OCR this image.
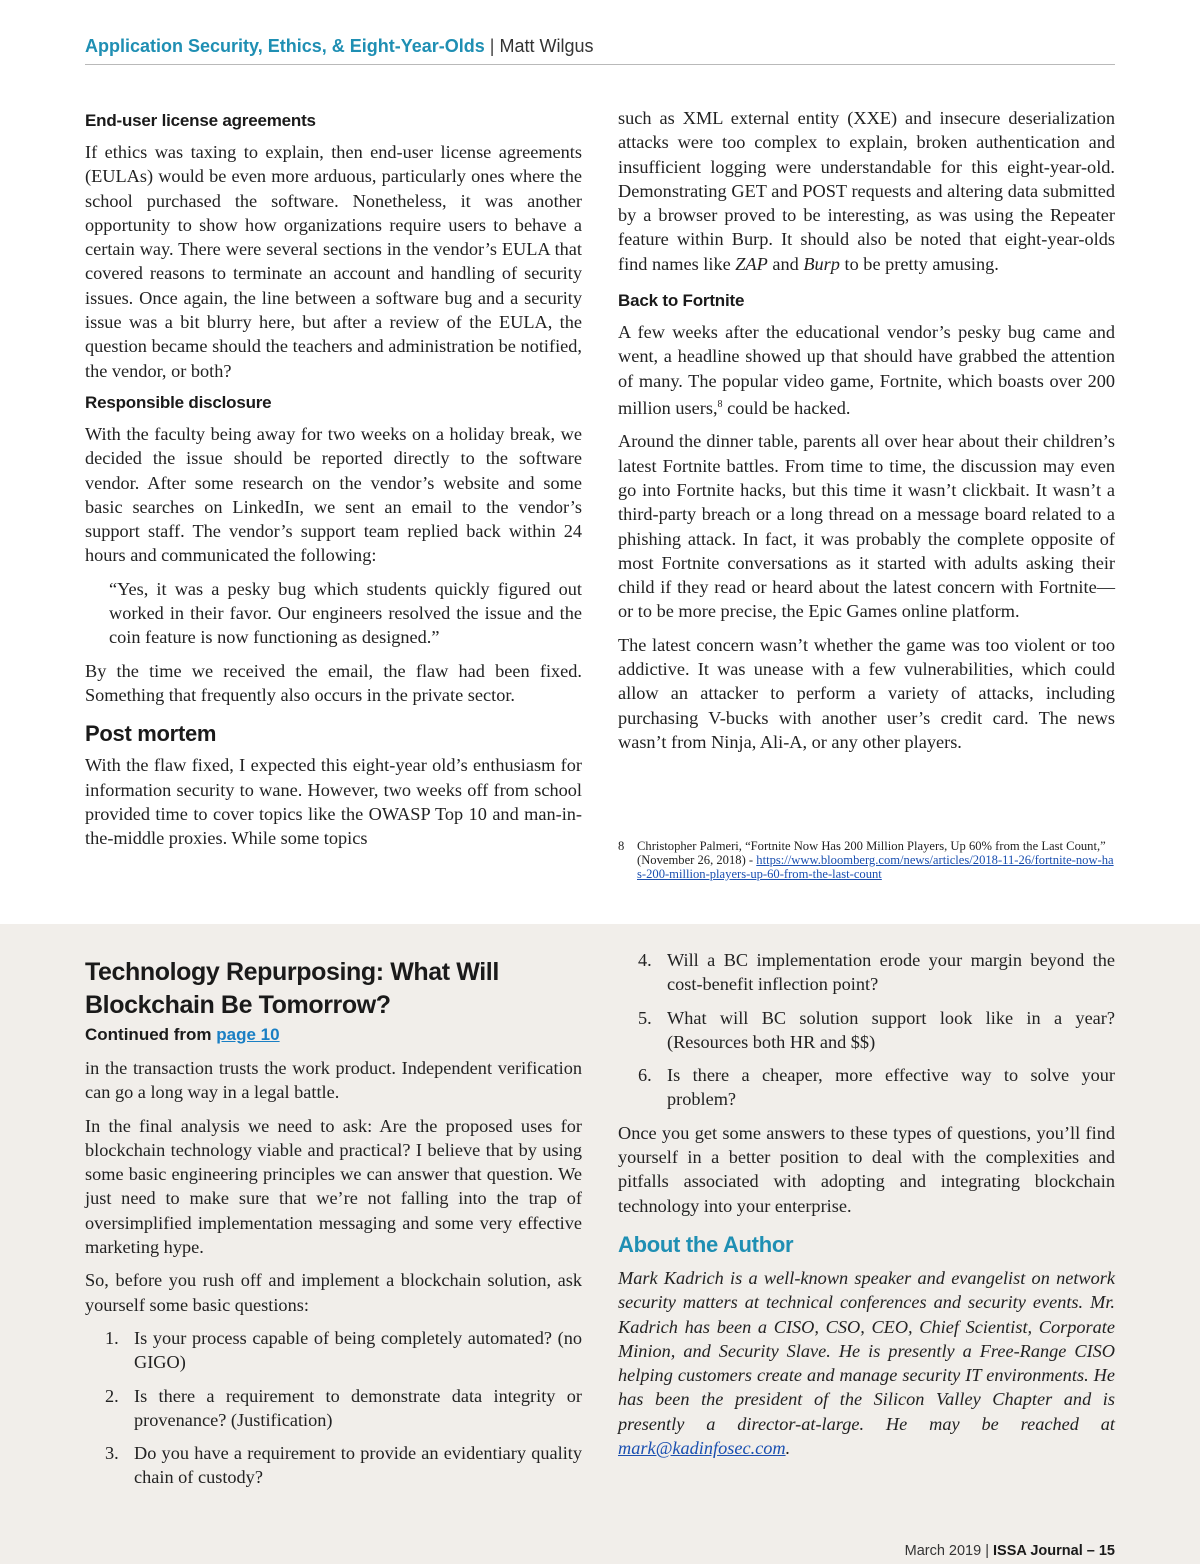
Application Security, Ethics, & Eight-Year-Olds | Matt Wilgus
End-user license agreements

If ethics was taxing to explain, then end-user license agreements (EULAs) would be even more arduous, particularly ones where the school purchased the software. Nonetheless, it was another opportunity to show how organizations require users to behave a certain way. There were several sections in the vendor’s EULA that covered reasons to terminate an account and handling of security issues. Once again, the line between a software bug and a security issue was a bit blurry here, but after a review of the EULA, the question became should the teachers and administration be notified, the vendor, or both?

Responsible disclosure

With the faculty being away for two weeks on a holiday break, we decided the issue should be reported directly to the software vendor. After some research on the vendor’s website and some basic searches on LinkedIn, we sent an email to the vendor’s support staff. The vendor’s support team replied back within 24 hours and communicated the following:

“Yes, it was a pesky bug which students quickly figured out worked in their favor. Our engineers resolved the issue and the coin feature is now functioning as designed.”

By the time we received the email, the flaw had been fixed. Something that frequently also occurs in the private sector.

Post mortem

With the flaw fixed, I expected this eight-year old’s enthusiasm for information security to wane. However, two weeks off from school provided time to cover topics like the OWASP Top 10 and man-in-the-middle proxies. While some topics

such as XML external entity (XXE) and insecure deserialization attacks were too complex to explain, broken authentication and insufficient logging were understandable for this eight-year-old. Demonstrating GET and POST requests and altering data submitted by a browser proved to be interesting, as was using the Repeater feature within Burp. It should also be noted that eight-year-olds find names like ZAP and Burp to be pretty amusing.

Back to Fortnite

A few weeks after the educational vendor’s pesky bug came and went, a headline showed up that should have grabbed the attention of many. The popular video game, Fortnite, which boasts over 200 million users,$^8$ could be hacked.

Around the dinner table, parents all over hear about their children’s latest Fortnite battles. From time to time, the discussion may even go into Fortnite hacks, but this time it wasn’t clickbait. It wasn’t a third-party breach or a long thread on a message board related to a phishing attack. In fact, it was probably the complete opposite of most Fortnite conversations as it started with adults asking their child if they read or heard about the latest concern with Fortnite—or to be more precise, the Epic Games online platform.

The latest concern wasn’t whether the game was too violent or too addictive. It was unease with a few vulnerabilities, which could allow an attacker to perform a variety of attacks, including purchasing V-bucks with another user’s credit card. The news wasn’t from Ninja, Ali-A, or any other players.

8 Christopher Palmeri, “Fortnite Now Has 200 Million Players, Up 60% from the Last Count,” (November 26, 2018) - https://www.bloomberg.com/news/articles/2018-11-26/fortnite-now-has-200-million-players-up-60-from-the-last-count
Technology Repurposing: What Will Blockchain Be Tomorrow?
Continued from page 10

in the transaction trusts the work product. Independent verification can go a long way in a legal battle.

In the final analysis we need to ask: Are the proposed uses for blockchain technology viable and practical? I believe that by using some basic engineering principles we can answer that question. We just need to make sure that we’re not falling into the trap of oversimplified implementation messaging and some very effective marketing hype.

So, before you rush off and implement a blockchain solution, ask yourself some basic questions:

1. Is your process capable of being completely automated? (no GIGO)
2. Is there a requirement to demonstrate data integrity or provenance? (Justification)
3. Do you have a requirement to provide an evidentiary quality chain of custody?
4. Will a BC implementation erode your margin beyond the cost-benefit inflection point?
5. What will BC solution support look like in a year? (Resources both HR and $$)
6. Is there a cheaper, more effective way to solve your problem?

Once you get some answers to these types of questions, you’ll find yourself in a better position to deal with the complexities and pitfalls associated with adopting and integrating blockchain technology into your enterprise.

About the Author

Mark Kadrich is a well-known speaker and evangelist on network security matters at technical conferences and security events. Mr. Kadrich has been a CISO, CSO, CEO, Chief Scientist, Corporate Minion, and Security Slave. He is presently a Free-Range CISO helping customers create and manage security IT environments. He has been the president of the Silicon Valley Chapter and is presently a director-at-large. He may be reached at mark@kadinfosec.com.

March 2019 | ISSA Journal – 15
